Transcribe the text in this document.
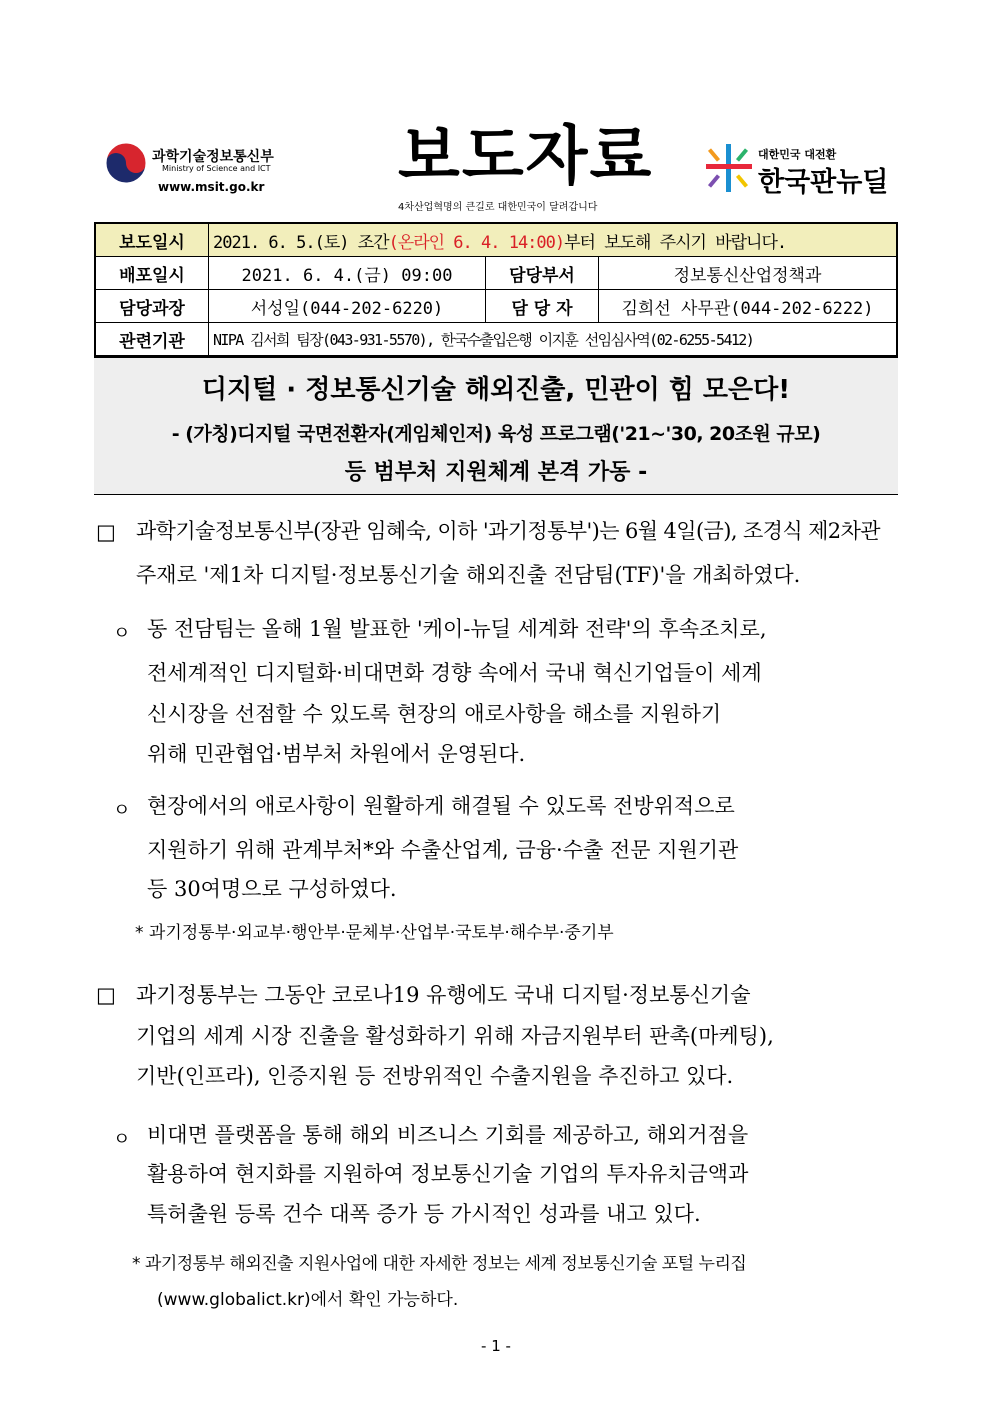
과학기술정보통신부
Ministry of Science and ICT
www.msit.go.kr 보도자료
4차산업혁명의 큰길로 대한민국이 달려갑니다
대한민국 대전환
한국판뉴딜
보도일시	2021. 6. 5.(토) 조간(온라인 6. 4. 14:00)부터 보도해 주시기 바랍니다.		
배포일시	2021. 6. 4.(금) 09:00	담당부서	정보통신산업정책과
담당과장	서성일(044-202-6220)	담 당 자	김희선 사무관(044-202-6222)
관련기관	NIPA 김서희 팀장(043-931-5570), 한국수출입은행 이지훈 선임심사역(02-6255-5412)		
디지털 · 정보통신기술 해외진출, 민관이 힘 모은다!
- (가칭)디지털 국면전환자(게임체인저) 육성 프로그램('21~'30, 20조원 규모)
등 범부처 지원체계 본격 가동 -
□ 과학기술정보통신부(장관 임혜숙, 이하 '과기정통부')는 6월 4일(금), 조경식 제2차관
주재로 '제1차 디지털·정보통신기술 해외진출 전담팀(TF)'을 개최하였다.
ㅇ 동 전담팀는 올해 1월 발표한 '케이-뉴딜 세계화 전략'의 후속조치로,
전세계적인 디지털화·비대면화 경향 속에서 국내 혁신기업들이 세계
신시장을 선점할 수 있도록 현장의 애로사항을 해소를 지원하기
위해 민관협업·범부처 차원에서 운영된다.
ㅇ 현장에서의 애로사항이 원활하게 해결될 수 있도록 전방위적으로
지원하기 위해 관계부처*와 수출산업계, 금융·수출 전문 지원기관
등 30여명으로 구성하였다.
* 과기정통부·외교부·행안부·문체부·산업부·국토부·해수부·중기부
□ 과기정통부는 그동안 코로나19 유행에도 국내 디지털·정보통신기술
기업의 세계 시장 진출을 활성화하기 위해 자금지원부터 판촉(마케팅),
기반(인프라), 인증지원 등 전방위적인 수출지원을 추진하고 있다.
ㅇ 비대면 플랫폼을 통해 해외 비즈니스 기회를 제공하고, 해외거점을
활용하여 현지화를 지원하여 정보통신기술 기업의 투자유치금액과
특허출원 등록 건수 대폭 증가 등 가시적인 성과를 내고 있다.
* 과기정통부 해외진출 지원사업에 대한 자세한 정보는 세계 정보통신기술 포털 누리집
(www.globalict.kr)에서 확인 가능하다.
- 1 -
